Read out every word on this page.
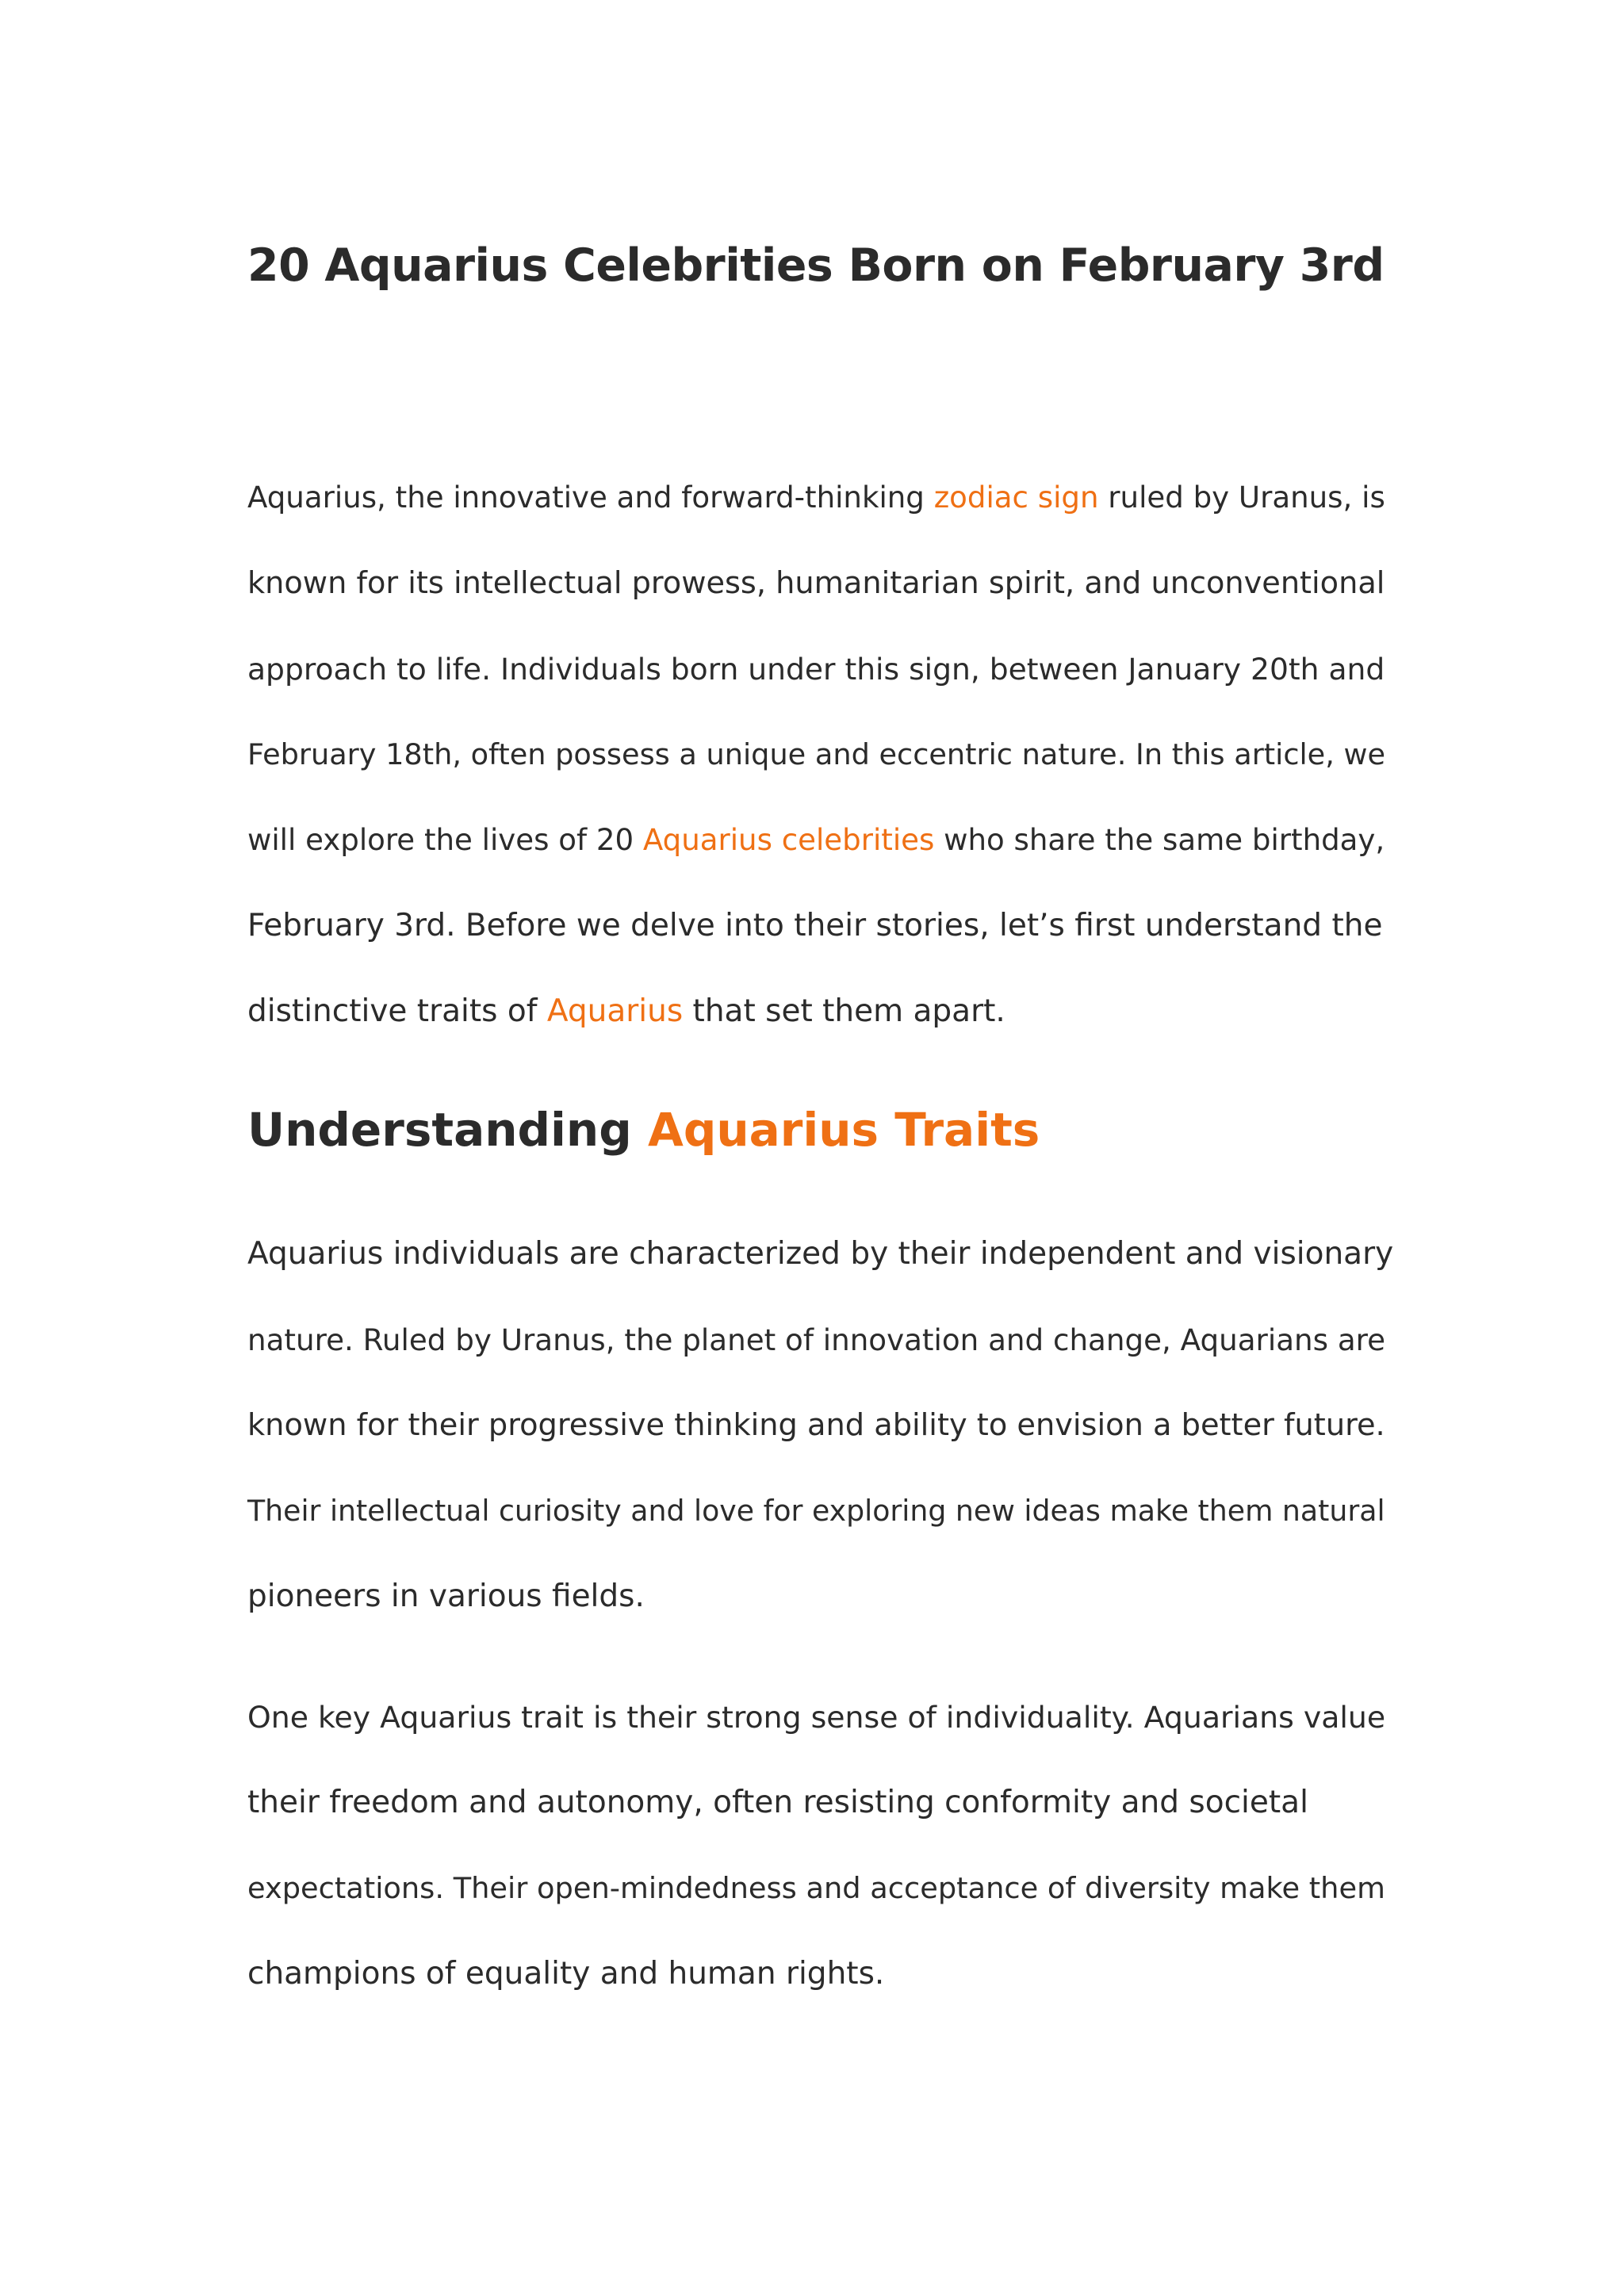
20 Aquarius Celebrities Born on February 3rd

Aquarius, the innovative and forward-thinking zodiac sign ruled by Uranus, is
known for its intellectual prowess, humanitarian spirit, and unconventional
approach to life. Individuals born under this sign, between January 20th and
February 18th, often possess a unique and eccentric nature. In this article, we
will explore the lives of 20 Aquarius celebrities who share the same birthday,
February 3rd. Before we delve into their stories, let’s first understand the
distinctive traits of Aquarius that set them apart.

Understanding Aquarius Traits

Aquarius individuals are characterized by their independent and visionary
nature. Ruled by Uranus, the planet of innovation and change, Aquarians are
known for their progressive thinking and ability to envision a better future.
Their intellectual curiosity and love for exploring new ideas make them natural
pioneers in various fields.

One key Aquarius trait is their strong sense of individuality. Aquarians value
their freedom and autonomy, often resisting conformity and societal
expectations. Their open-mindedness and acceptance of diversity make them
champions of equality and human rights.
